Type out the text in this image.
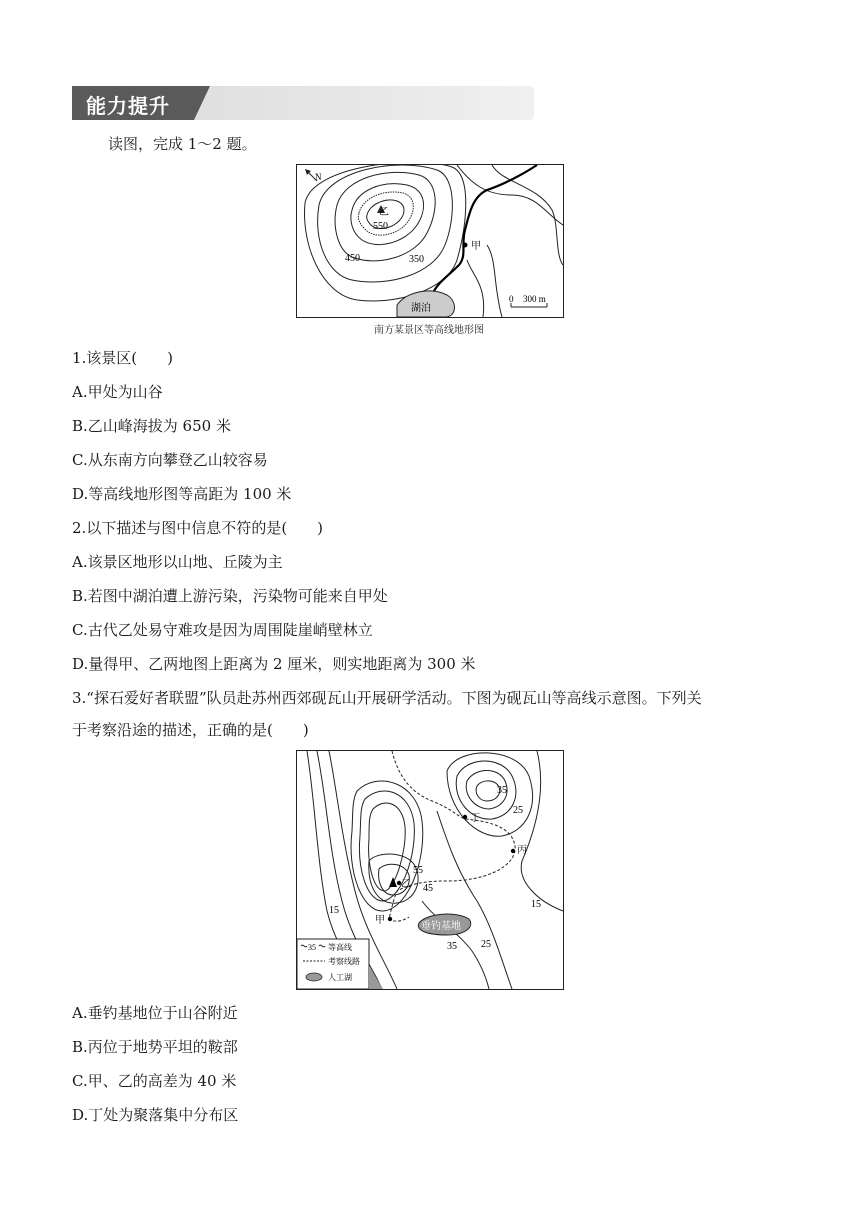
能力提升
读图，完成 1～2 题。
N
乙
550
450	350
甲
湖泊
0 300 m
南方某景区等高线地形图
1.该景区(　　)
A.甲处为山谷
B.乙山峰海拔为 650 米
C.从东南方向攀登乙山较容易
D.等高线地形图等高距为 100 米
2.以下描述与图中信息不符的是(　　)
A.该景区地形以山地、丘陵为主
B.若图中湖泊遭上游污染，污染物可能来自甲处
C.古代乙处易守难攻是因为周围陡崖峭壁林立
D.量得甲、乙两地图上距离为 2 厘米，则实地距离为 300 米
3.“探石爱好者联盟”队员赴苏州西郊砚瓦山开展研学活动。下图为砚瓦山等高线示意图。下列关
于考察沿途的描述，正确的是(　　)
35
25
丁
丙
55
乙 45
甲
15
15
垂钓基地
35 25
35 等高线
考察线路
人工湖
A.垂钓基地位于山谷附近
B.丙位于地势平坦的鞍部
C.甲、乙的高差为 40 米
D.丁处为聚落集中分布区
